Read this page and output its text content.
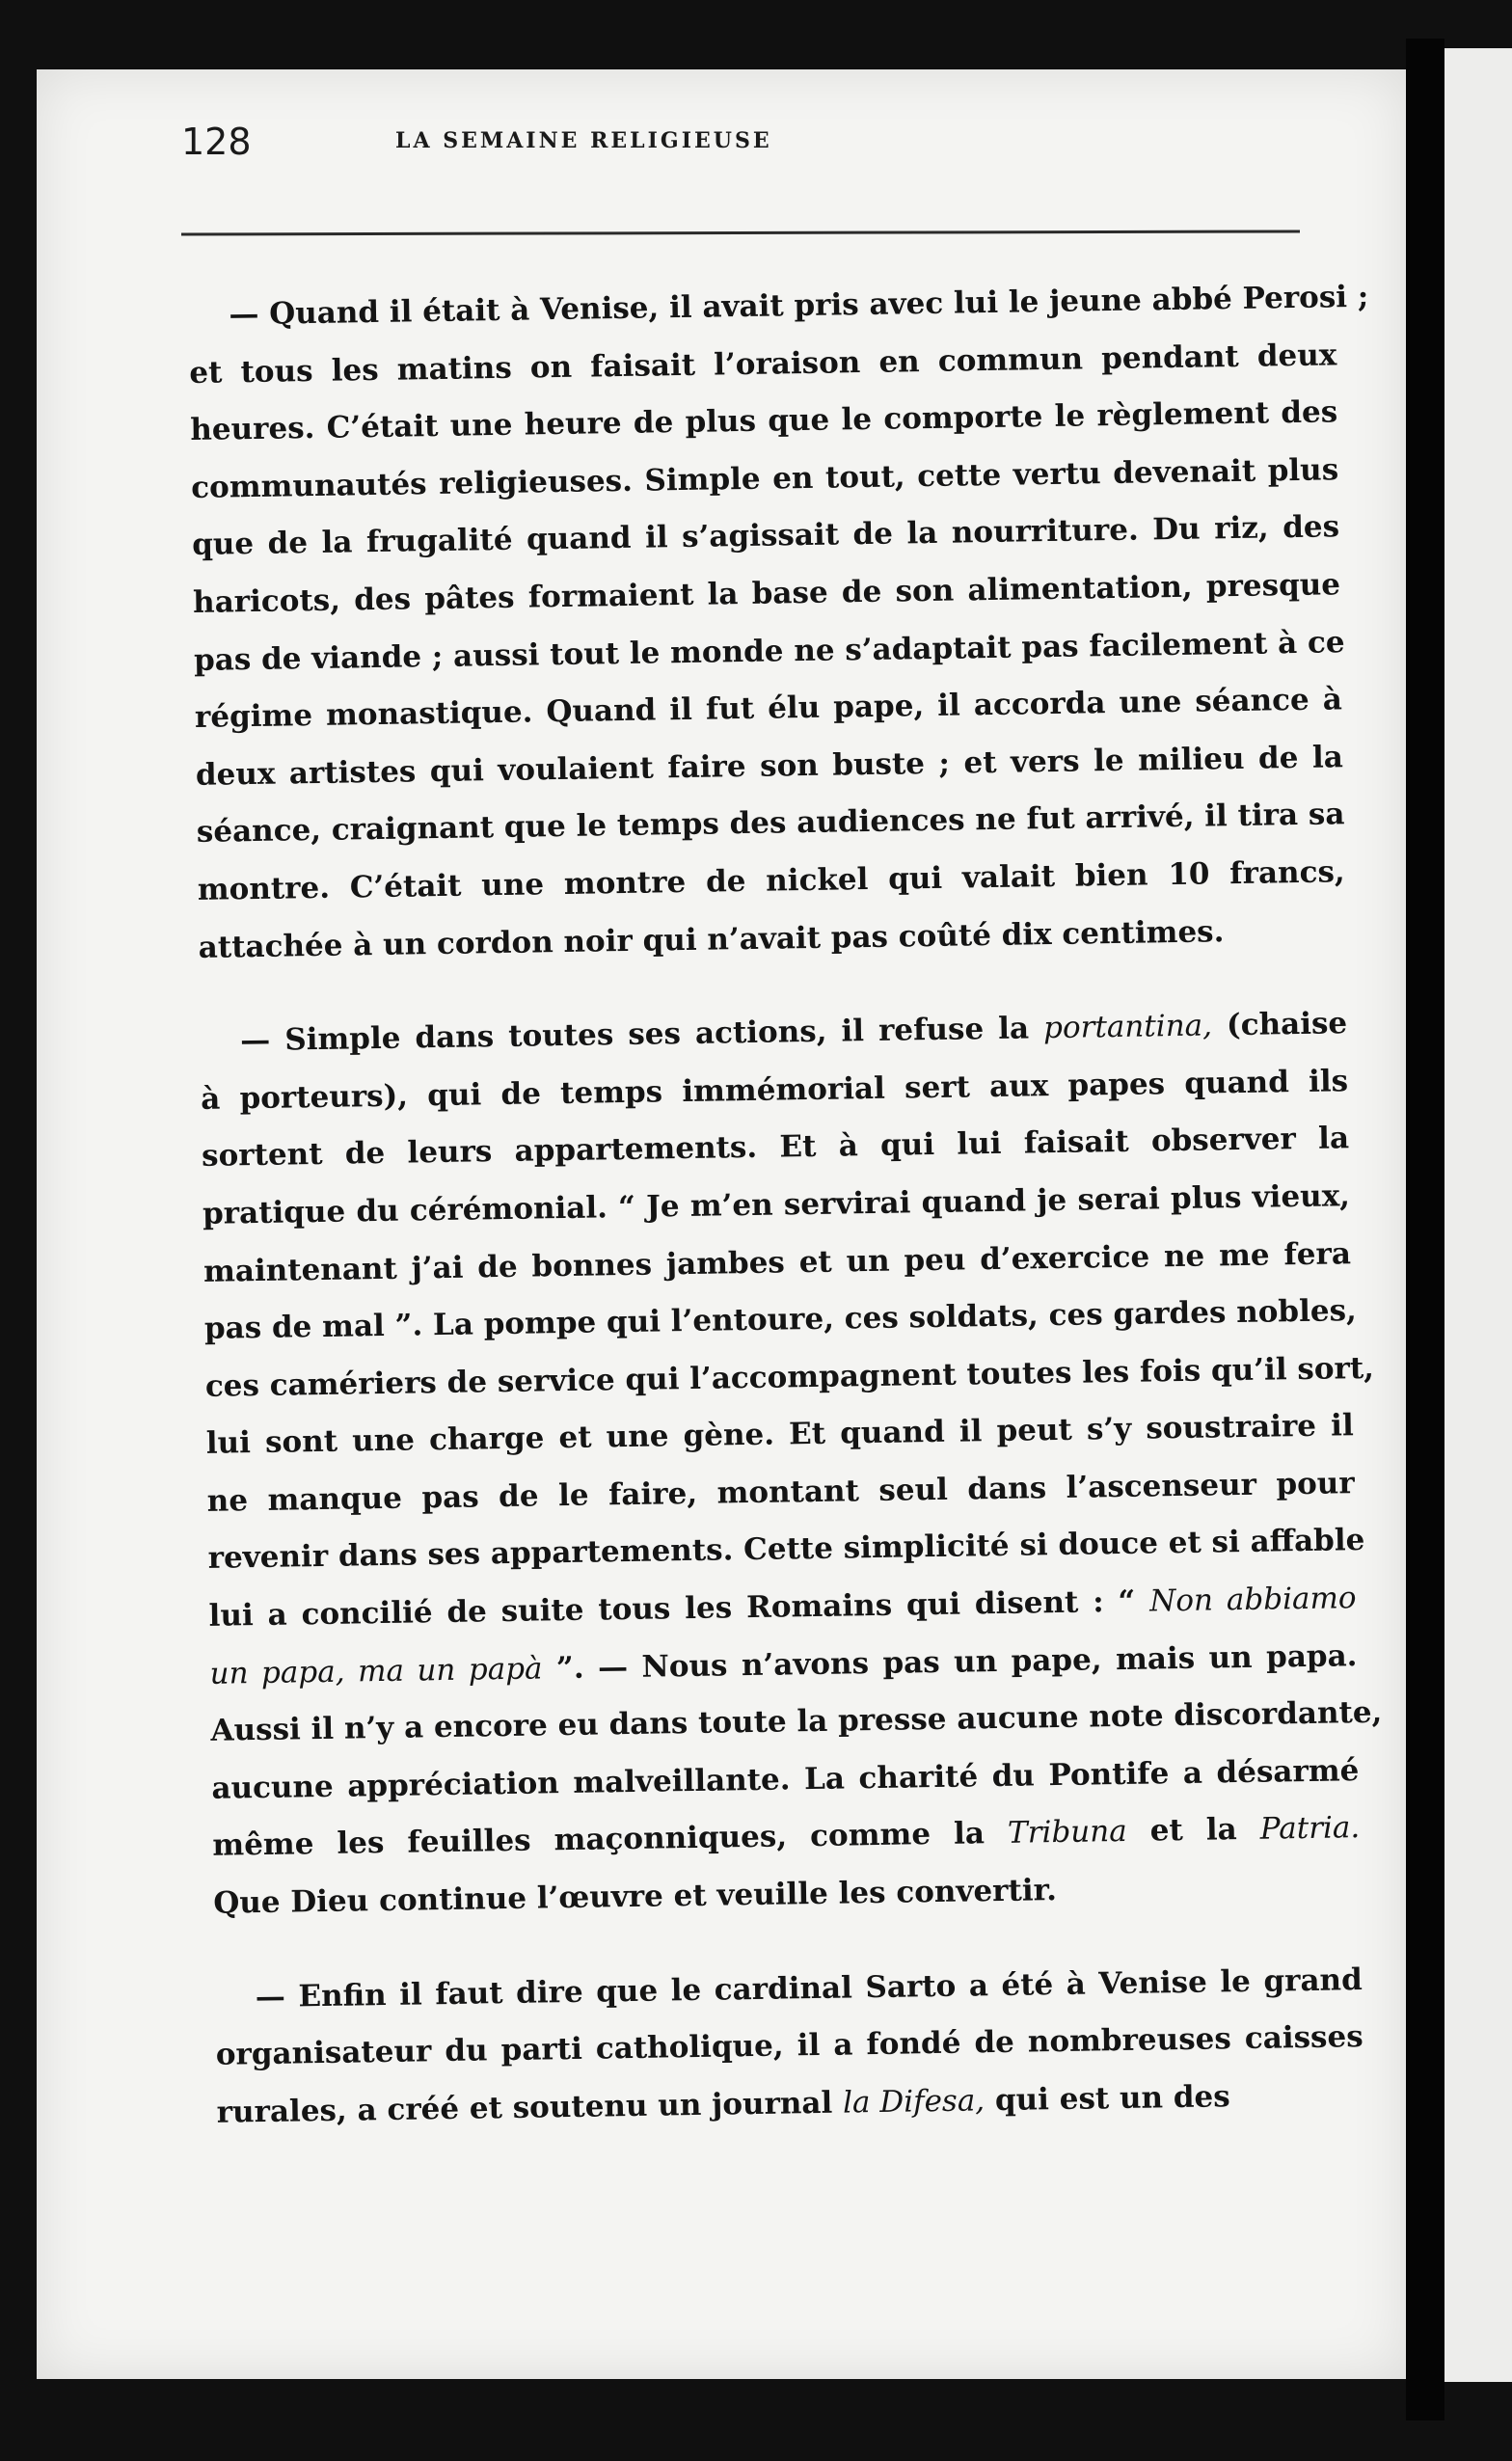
128	LA SEMAINE RELIGIEUSE
— Quand il était à Venise, il avait pris avec lui le jeune abbé Perosi ;
et tous les matins on faisait l’oraison en commun pendant deux
heures. C’était une heure de plus que le comporte le règlement des
communautés religieuses. Simple en tout, cette vertu devenait plus
que de la frugalité quand il s’agissait de la nourriture. Du riz, des
haricots, des pâtes formaient la base de son alimentation, presque
pas de viande ; aussi tout le monde ne s’adaptait pas facilement à ce
régime monastique. Quand il fut élu pape, il accorda une séance à
deux artistes qui voulaient faire son buste ; et vers le milieu de la
séance, craignant que le temps des audiences ne fut arrivé, il tira sa
montre. C’était une montre de nickel qui valait bien 10 francs,
attachée à un cordon noir qui n’avait pas coûté dix centimes.
— Simple dans toutes ses actions, il refuse la portantina, (chaise
à porteurs), qui de temps immémorial sert aux papes quand ils
sortent de leurs appartements. Et à qui lui faisait observer la
pratique du cérémonial. “ Je m’en servirai quand je serai plus vieux,
maintenant j’ai de bonnes jambes et un peu d’exercice ne me fera
pas de mal ”. La pompe qui l’entoure, ces soldats, ces gardes nobles,
ces camériers de service qui l’accompagnent toutes les fois qu’il sort,
lui sont une charge et une gène. Et quand il peut s’y soustraire il
ne manque pas de le faire, montant seul dans l’ascenseur pour
revenir dans ses appartements. Cette simplicité si douce et si affable
lui a concilié de suite tous les Romains qui disent : “ Non abbiamo
un papa, ma un papà ”. — Nous n’avons pas un pape, mais un papa.
Aussi il n’y a encore eu dans toute la presse aucune note discordante,
aucune appréciation malveillante. La charité du Pontife a désarmé
même les feuilles maçonniques, comme la Tribuna et la Patria.
Que Dieu continue l’œuvre et veuille les convertir.
— Enfin il faut dire que le cardinal Sarto a été à Venise le grand
organisateur du parti catholique, il a fondé de nombreuses caisses
rurales, a créé et soutenu un journal la Difesa, qui est un des
